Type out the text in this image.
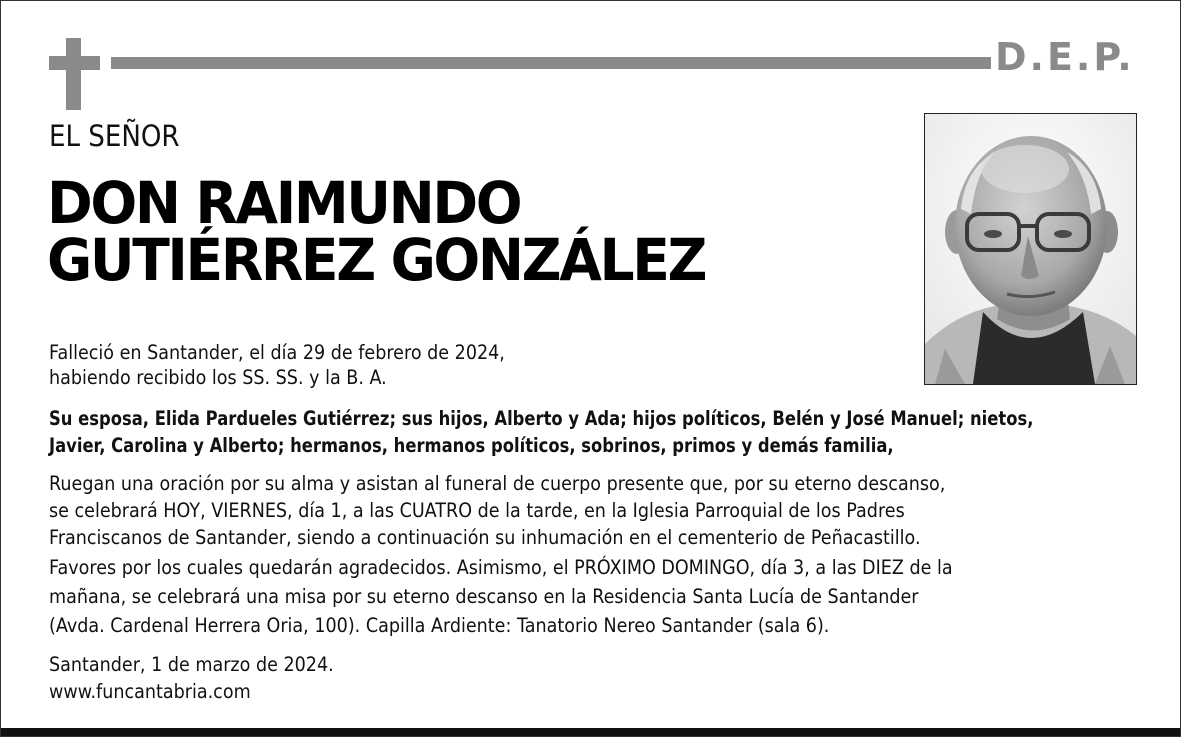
D.E.P.
EL SEÑOR
DON RAIMUNDO
GUTIÉRREZ GONZÁLEZ
Falleció en Santander, el día 29 de febrero de 2024,
habiendo recibido los SS. SS. y la B. A.
Su esposa, Elida Pardueles Gutiérrez; sus hijos, Alberto y Ada; hijos políticos, Belén y José Manuel; nietos,
Javier, Carolina y Alberto; hermanos, hermanos políticos, sobrinos, primos y demás familia,
Ruegan una oración por su alma y asistan al funeral de cuerpo presente que, por su eterno descanso,
se celebrará HOY, VIERNES, día 1, a las CUATRO de la tarde, en la Iglesia Parroquial de los Padres
Franciscanos de Santander, siendo a continuación su inhumación en el cementerio de Peñacastillo.
Favores por los cuales quedarán agradecidos. Asimismo, el PRÓXIMO DOMINGO, día 3, a las DIEZ de la
mañana, se celebrará una misa por su eterno descanso en la Residencia Santa Lucía de Santander
(Avda. Cardenal Herrera Oria, 100). Capilla Ardiente: Tanatorio Nereo Santander (sala 6).
Santander, 1 de marzo de 2024.
www.funcantabria.com
